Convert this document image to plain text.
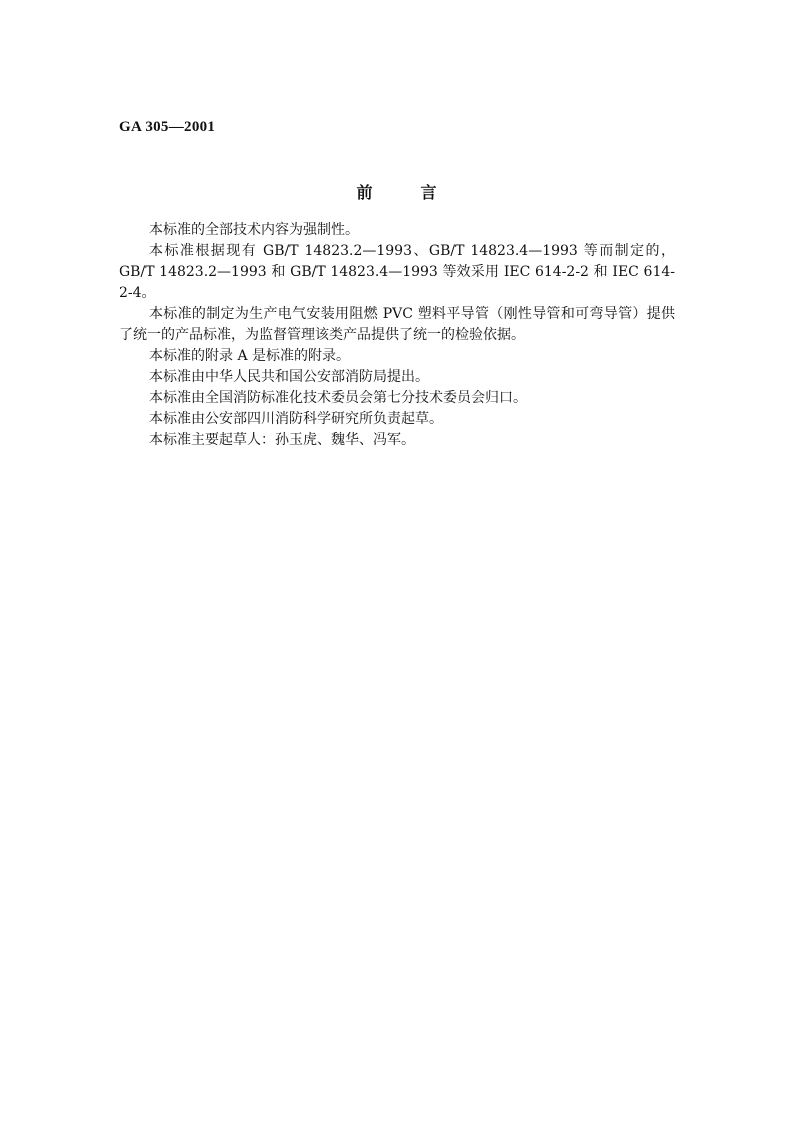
GA 305—2001

前言

本标准的全部技术内容为强制性。

本标准根据现有 GB/T 14823.2—1993、GB/T 14823.4—1993 等而制定的，GB/T 14823.2—1993 和 GB/T 14823.4—1993 等效采用 IEC 614-2-2 和 IEC 614-2-4。

本标准的制定为生产电气安装用阻燃 PVC 塑料平导管（刚性导管和可弯导管）提供了统一的产品标准，为监督管理该类产品提供了统一的检验依据。

本标准的附录 A 是标准的附录。

本标准由中华人民共和国公安部消防局提出。

本标准由全国消防标准化技术委员会第七分技术委员会归口。

本标准由公安部四川消防科学研究所负责起草。

本标准主要起草人：孙玉虎、魏华、冯军。
